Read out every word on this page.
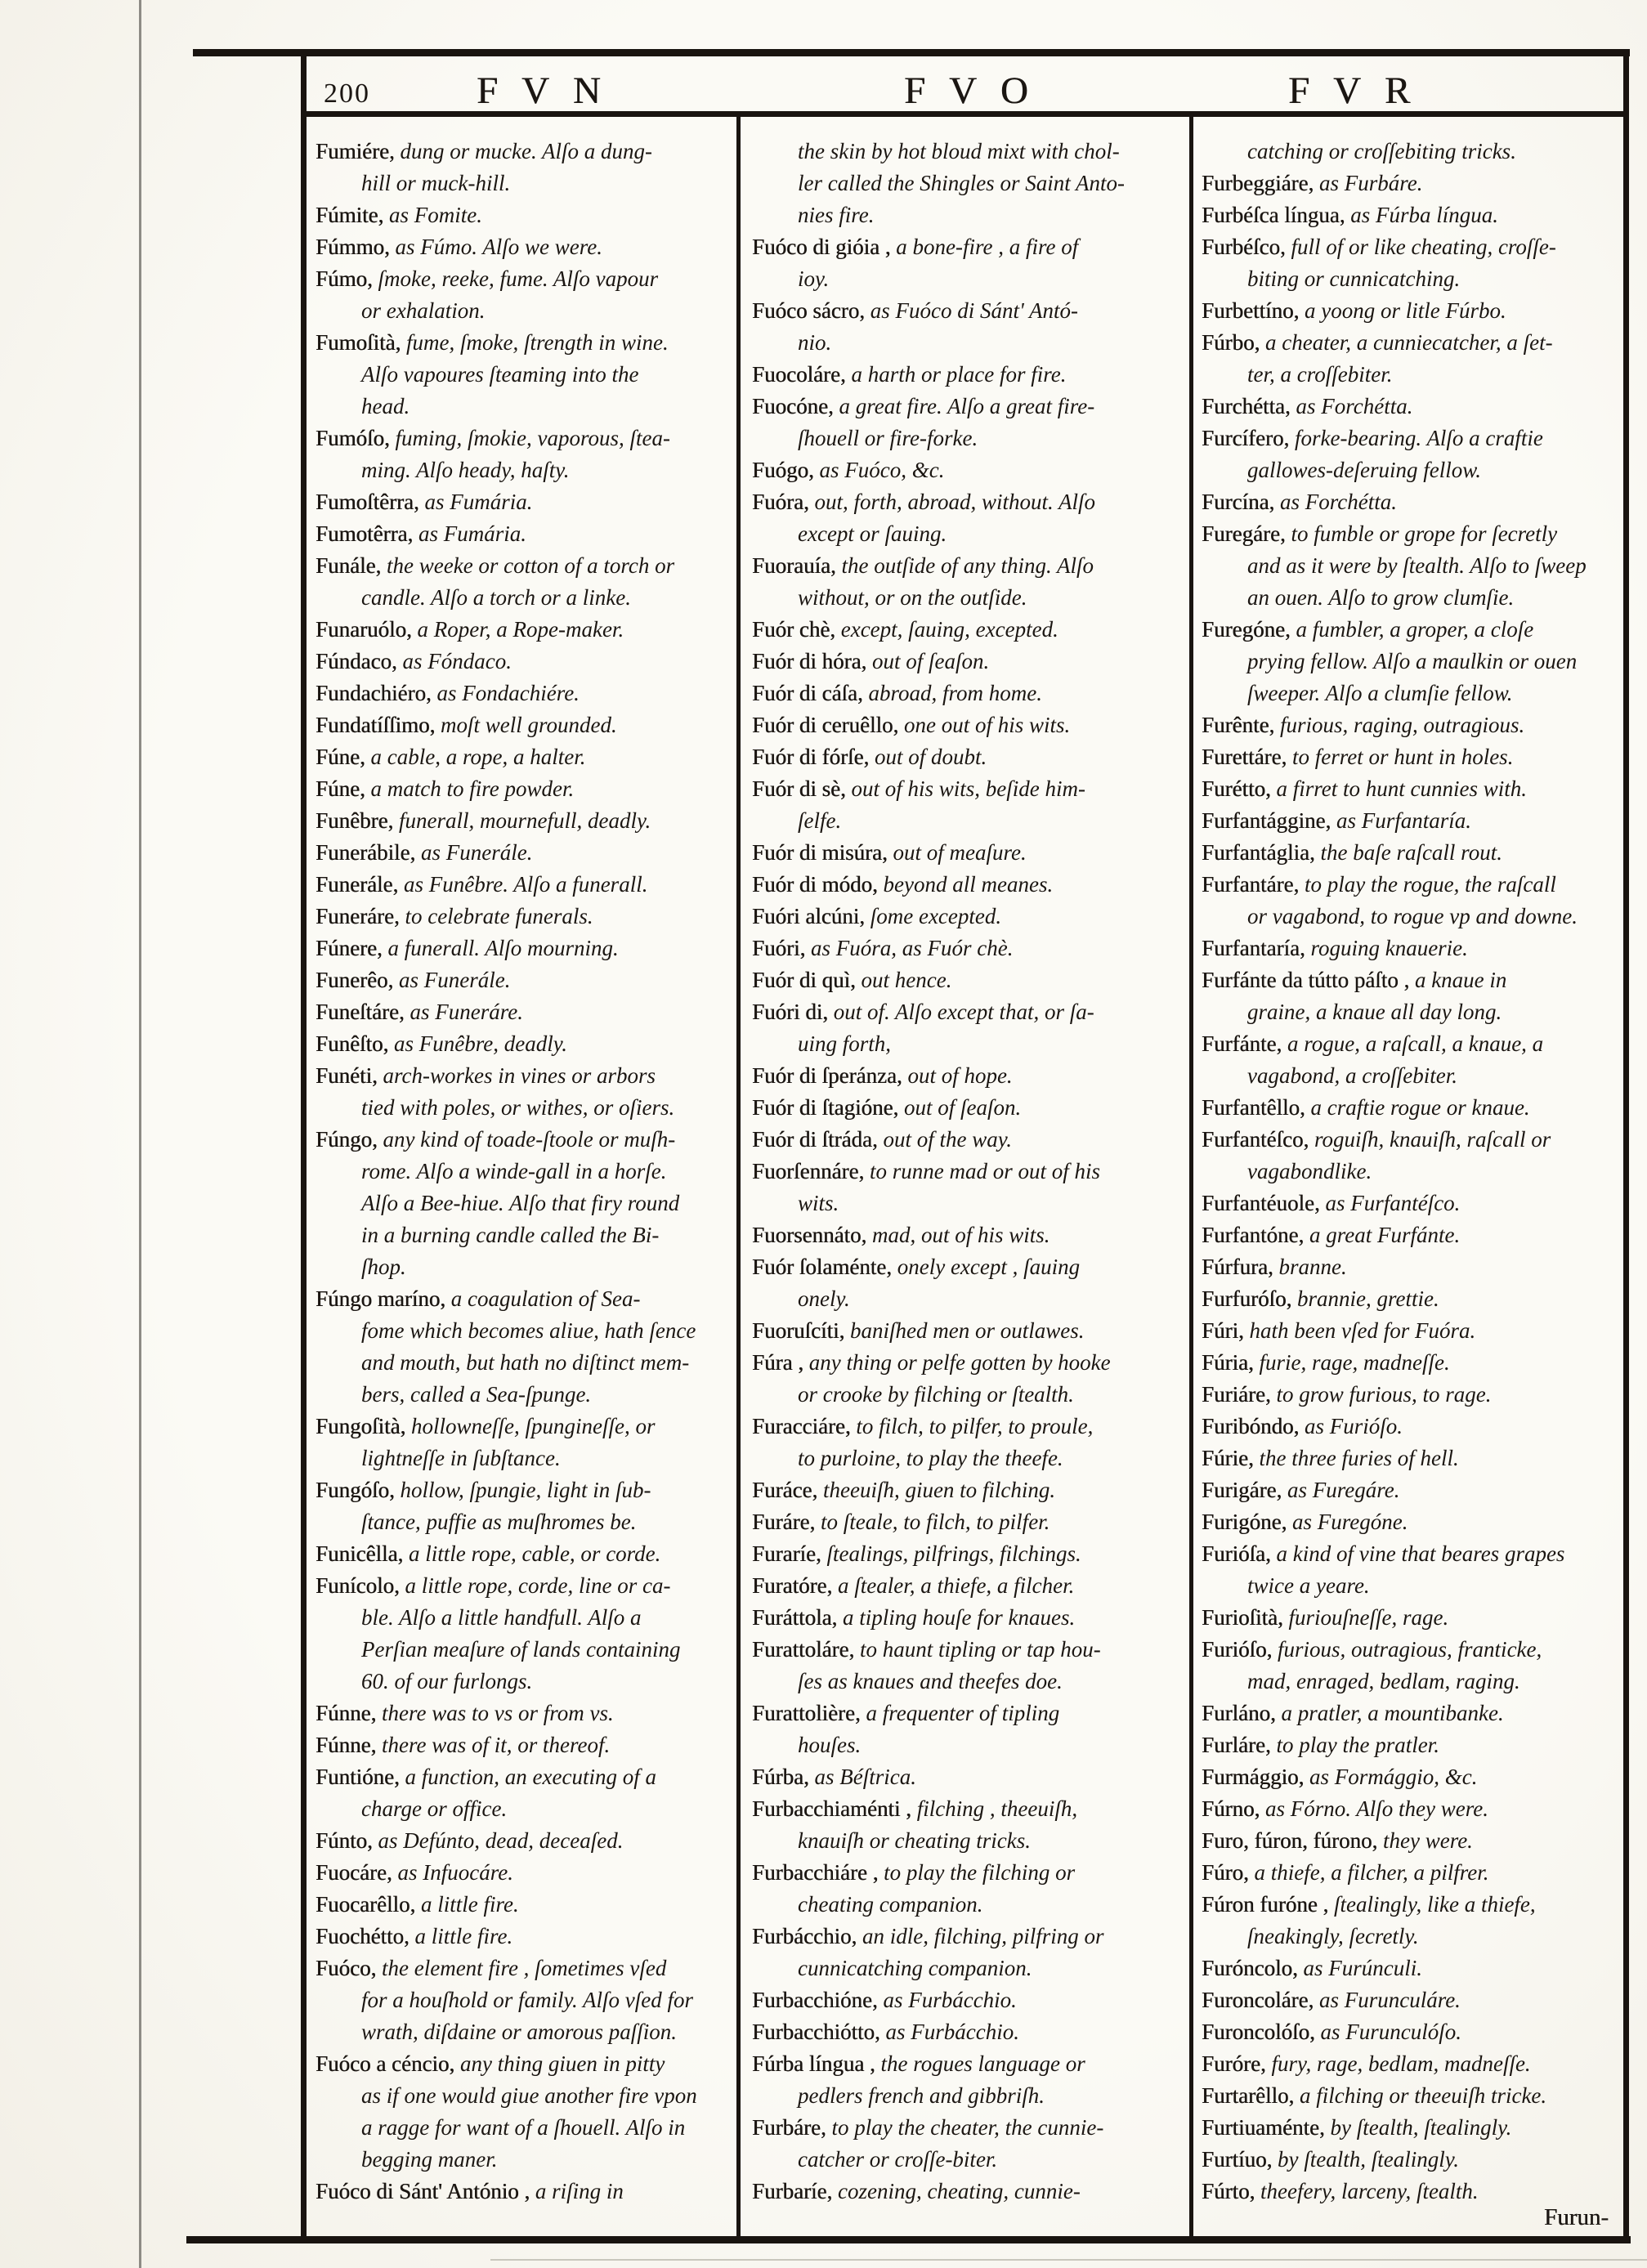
200	F V N	F V O	F V R
Fumiére, dung or mucke. Alſo a dung-
hill or muck-hill.
Fúmite, as Fomite.
Fúmmo, as Fúmo. Alſo we were.
Fúmo, ſmoke, reeke, fume. Alſo vapour
or exhalation.
Fumoſità, fume, ſmoke, ſtrength in wine.
Alſo vapoures ſteaming into the
head.
Fumóſo, fuming, ſmokie, vaporous, ſtea-
ming. Alſo heady, haſty.
Fumoſtêrra, as Fumária.
Fumotêrra, as Fumária.
Funále, the weeke or cotton of a torch or
candle. Alſo a torch or a linke.
Funaruólo, a Roper, a Rope-maker.
Fúndaco, as Fóndaco.
Fundachiéro, as Fondachiére.
Fundatíſſimo, moſt well grounded.
Fúne, a cable, a rope, a halter.
Fúne, a match to fire powder.
Funêbre, funerall, mournefull, deadly.
Funerábile, as Funerále.
Funerále, as Funêbre. Alſo a funerall.
Funeráre, to celebrate funerals.
Fúnere, a funerall. Alſo mourning.
Funerêo, as Funerále.
Funeſtáre, as Funeráre.
Funêſto, as Funêbre, deadly.
Funéti, arch-workes in vines or arbors
tied with poles, or withes, or oſiers.
Fúngo, any kind of toade-ſtoole or muſh-
rome. Alſo a winde-gall in a horſe.
Alſo a Bee-hiue. Alſo that firy round
in a burning candle called the Bi-
ſhop.
Fúngo maríno, a coagulation of Sea-
fome which becomes aliue, hath ſence
and mouth, but hath no diſtinct mem-
bers, called a Sea-ſpunge.
Fungoſità, hollowneſſe, ſpungineſſe, or
lightneſſe in ſubſtance.
Fungóſo, hollow, ſpungie, light in ſub-
ſtance, puffie as muſhromes be.
Funicêlla, a little rope, cable, or corde.
Funícolo, a little rope, corde, line or ca-
ble. Alſo a little handfull. Alſo a
Perſian meaſure of lands containing
60. of our furlongs.
Fúnne, there was to vs or from vs.
Fúnne, there was of it, or thereof.
Funtióne, a function, an executing of a
charge or office.
Fúnto, as Defúnto, dead, deceaſed.
Fuocáre, as Infuocáre.
Fuocarêllo, a little fire.
Fuochétto, a little fire.
Fuóco, the element fire , ſometimes vſed
for a houſhold or family. Alſo vſed for
wrath, diſdaine or amorous paſſion.
Fuóco a céncio, any thing giuen in pitty
as if one would giue another fire vpon
a ragge for want of a ſhouell. Alſo in
begging maner.
Fuóco di Sánt' António , a riſing in
the skin by hot bloud mixt with chol-
ler called the Shingles or Saint Anto-
nies fire.
Fuóco di gióia , a bone-fire , a fire of
ioy.
Fuóco sácro, as Fuóco di Sánt' Antó-
nio.
Fuocoláre, a harth or place for fire.
Fuocóne, a great fire. Alſo a great fire-
ſhouell or fire-forke.
Fuógo, as Fuóco, &c.
Fuóra, out, forth, abroad, without. Alſo
except or ſauing.
Fuorauía, the outſide of any thing. Alſo
without, or on the outſide.
Fuór chè, except, ſauing, excepted.
Fuór di hóra, out of ſeaſon.
Fuór di cáſa, abroad, from home.
Fuór di ceruêllo, one out of his wits.
Fuór di fórſe, out of doubt.
Fuór di sè, out of his wits, beſide him-
ſelfe.
Fuór di misúra, out of meaſure.
Fuór di módo, beyond all meanes.
Fuóri alcúni, ſome excepted.
Fuóri, as Fuóra, as Fuór chè.
Fuór di quì, out hence.
Fuóri di, out of. Alſo except that, or ſa-
uing forth,
Fuór di ſperánza, out of hope.
Fuór di ſtagióne, out of ſeaſon.
Fuór di ſtráda, out of the way.
Fuorſennáre, to runne mad or out of his
wits.
Fuorsennáto, mad, out of his wits.
Fuór ſolaménte, onely except , ſauing
onely.
Fuoruſcíti, baniſhed men or outlawes.
Fúra , any thing or pelfe gotten by hooke
or crooke by filching or ſtealth.
Furacciáre, to filch, to pilfer, to proule,
to purloine, to play the theefe.
Furáce, theeuiſh, giuen to filching.
Furáre, to ſteale, to filch, to pilfer.
Furaríe, ſtealings, pilfrings, filchings.
Furatóre, a ſtealer, a thiefe, a filcher.
Furáttola, a tipling houſe for knaues.
Furattoláre, to haunt tipling or tap hou-
ſes as knaues and theefes doe.
Furattolière, a frequenter of tipling
houſes.
Fúrba, as Béſtrica.
Furbacchiaménti , filching , theeuiſh,
knauiſh or cheating tricks.
Furbacchiáre , to play the filching or
cheating companion.
Furbácchio, an idle, filching, pilfring or
cunnicatching companion.
Furbacchióne, as Furbácchio.
Furbacchiótto, as Furbácchio.
Fúrba língua , the rogues language or
pedlers french and gibbriſh.
Furbáre, to play the cheater, the cunnie-
catcher or croſſe-biter.
Furbaríe, cozening, cheating, cunnie-
catching or croſſebiting tricks.
Furbeggiáre, as Furbáre.
Furbéſca língua, as Fúrba língua.
Furbéſco, full of or like cheating, croſſe-
biting or cunnicatching.
Furbettíno, a yoong or litle Fúrbo.
Fúrbo, a cheater, a cunniecatcher, a ſet-
ter, a croſſebiter.
Furchétta, as Forchétta.
Furcífero, forke-bearing. Alſo a craftie
gallowes-deſeruing fellow.
Furcína, as Forchétta.
Furegáre, to fumble or grope for ſecretly
and as it were by ſtealth. Alſo to ſweep
an ouen. Alſo to grow clumſie.
Furegóne, a fumbler, a groper, a cloſe
prying fellow. Alſo a maulkin or ouen
ſweeper. Alſo a clumſie fellow.
Furênte, furious, raging, outragious.
Furettáre, to ferret or hunt in holes.
Furétto, a firret to hunt cunnies with.
Furfantággine, as Furfantaría.
Furfantáglia, the baſe raſcall rout.
Furfantáre, to play the rogue, the raſcall
or vagabond, to rogue vp and downe.
Furfantaría, roguing knauerie.
Furfánte da tútto páſto , a knaue in
graine, a knaue all day long.
Furfánte, a rogue, a raſcall, a knaue, a
vagabond, a croſſebiter.
Furfantêllo, a craftie rogue or knaue.
Furfantéſco, roguiſh, knauiſh, raſcall or
vagabondlike.
Furfantéuole, as Furfantéſco.
Furfantóne, a great Furfánte.
Fúrfura, branne.
Furfuróſo, brannie, grettie.
Fúri, hath been vſed for Fuóra.
Fúria, furie, rage, madneſſe.
Furiáre, to grow furious, to rage.
Furibóndo, as Furióſo.
Fúrie, the three furies of hell.
Furigáre, as Furegáre.
Furigóne, as Furegóne.
Furióſa, a kind of vine that beares grapes
twice a yeare.
Furioſità, furiouſneſſe, rage.
Furióſo, furious, outragious, franticke,
mad, enraged, bedlam, raging.
Furláno, a pratler, a mountibanke.
Furláre, to play the pratler.
Furmággio, as Formággio, &c.
Fúrno, as Fórno. Alſo they were.
Furo, fúron, fúrono, they were.
Fúro, a thiefe, a filcher, a pilfrer.
Fúron furóne , ſtealingly, like a thiefe,
ſneakingly, ſecretly.
Furóncolo, as Furúnculi.
Furoncoláre, as Furunculáre.
Furoncolóſo, as Furunculóſo.
Furóre, fury, rage, bedlam, madneſſe.
Furtarêllo, a filching or theeuiſh tricke.
Furtiuaménte, by ſtealth, ſtealingly.
Furtíuo, by ſtealth, ſtealingly.
Fúrto, theefery, larceny, ſtealth.
Furun-
